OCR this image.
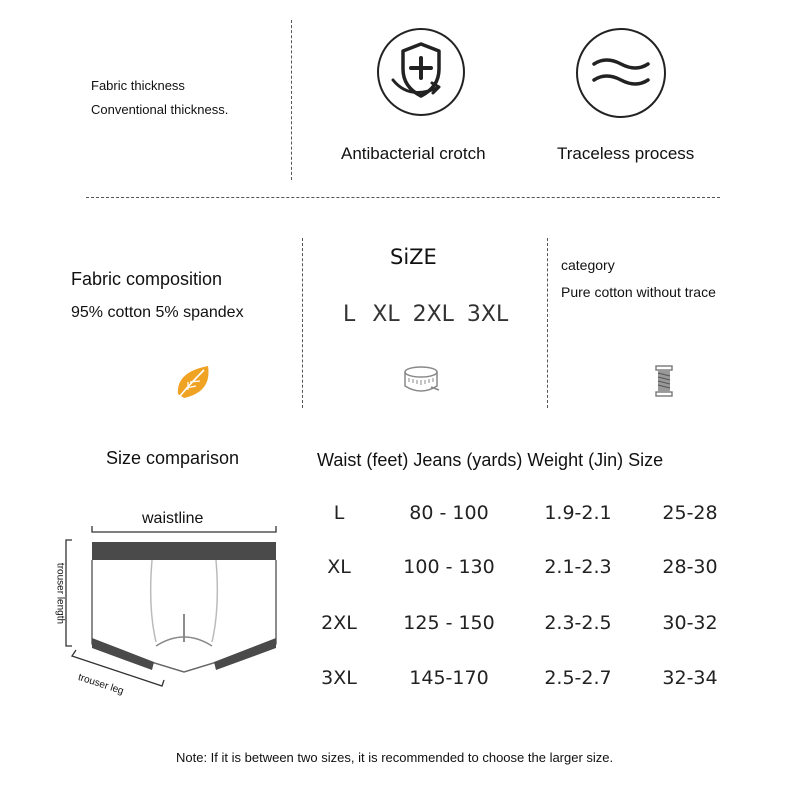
Fabric thickness
Conventional thickness.
Antibacterial crotch	Traceless process
Fabric composition
95% cotton 5% spandex
SiZE
L XL 2XL 3XL
category
Pure cotton without trace
Size comparison
waistline
trouser length
trouser leg
Waist (feet) Jeans (yards) Weight (Jin) Size
L	80 - 100	1.9-2.1	25-28
XL	100 - 130	2.1-2.3	28-30
2XL	125 - 150	2.3-2.5	30-32
3XL	145-170	2.5-2.7	32-34
Note: If it is between two sizes, it is recommended to choose the larger size.
